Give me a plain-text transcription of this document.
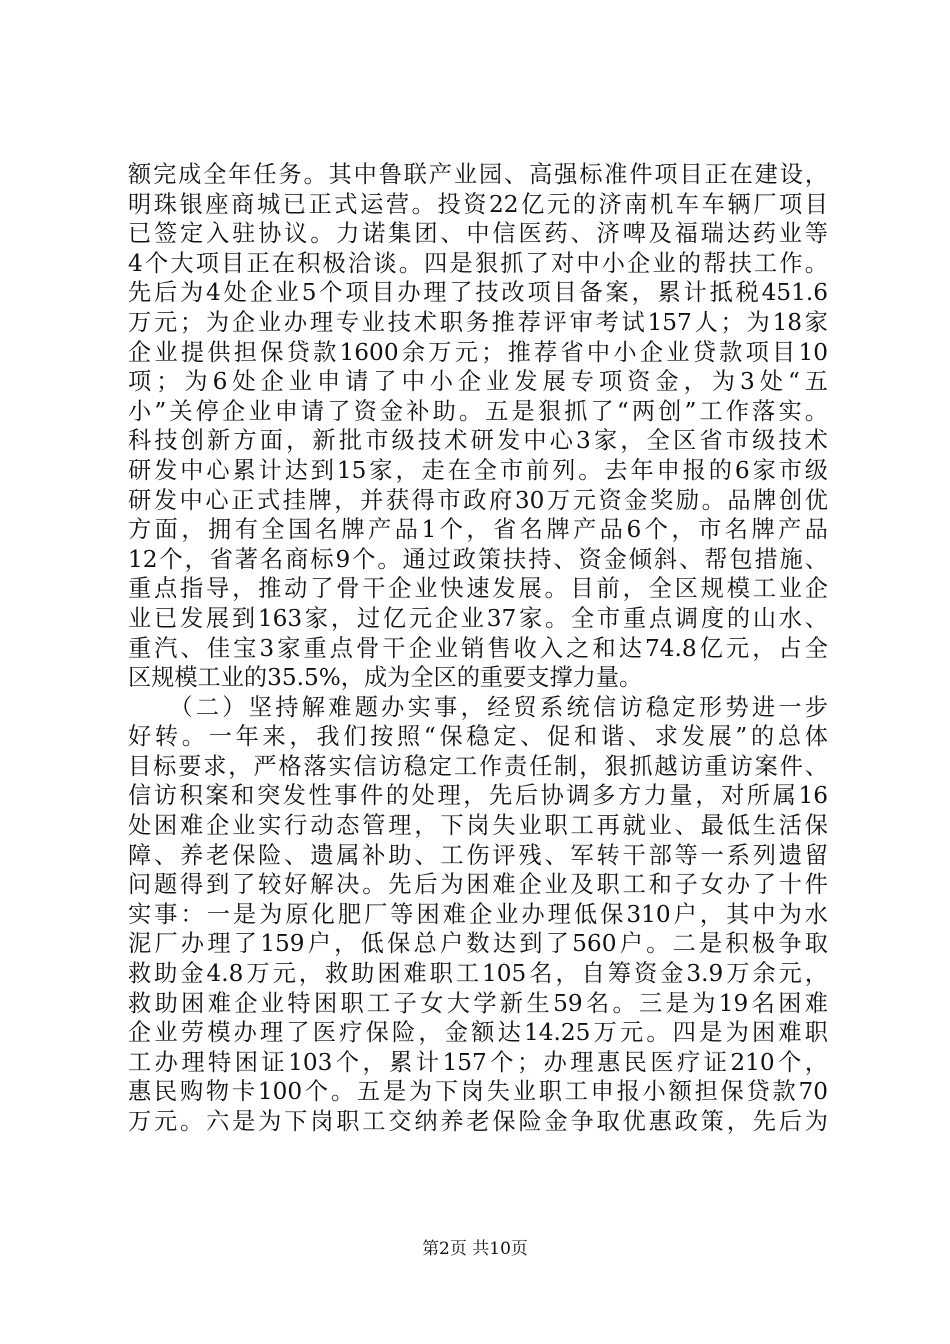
额完成全年任务。其中鲁联产业园、高强标准件项目正在建设，
明珠银座商城已正式运营。投资22亿元的济南机车车辆厂项目
已签定入驻协议。力诺集团、中信医药、济啤及福瑞达药业等
4个大项目正在积极洽谈。四是狠抓了对中小企业的帮扶工作。
先后为4处企业5个项目办理了技改项目备案，累计抵税451.6
万元；为企业办理专业技术职务推荐评审考试157人；为18家
企业提供担保贷款1600余万元；推荐省中小企业贷款项目10
项；为6处企业申请了中小企业发展专项资金，为3处“五
小”关停企业申请了资金补助。五是狠抓了“两创”工作落实。
科技创新方面，新批市级技术研发中心3家，全区省市级技术
研发中心累计达到15家，走在全市前列。去年申报的6家市级
研发中心正式挂牌，并获得市政府30万元资金奖励。品牌创优
方面，拥有全国名牌产品1个，省名牌产品6个，市名牌产品
12个，省著名商标9个。通过政策扶持、资金倾斜、帮包措施、
重点指导，推动了骨干企业快速发展。目前，全区规模工业企
业已发展到163家，过亿元企业37家。全市重点调度的山水、
重汽、佳宝3家重点骨干企业销售收入之和达74.8亿元，占全
区规模工业的35.5%，成为全区的重要支撑力量。
　　（二）坚持解难题办实事，经贸系统信访稳定形势进一步
好转。一年来，我们按照“保稳定、促和谐、求发展”的总体
目标要求，严格落实信访稳定工作责任制，狠抓越访重访案件、
信访积案和突发性事件的处理，先后协调多方力量，对所属16
处困难企业实行动态管理，下岗失业职工再就业、最低生活保
障、养老保险、遗属补助、工伤评残、军转干部等一系列遗留
问题得到了较好解决。先后为困难企业及职工和子女办了十件
实事：一是为原化肥厂等困难企业办理低保310户，其中为水
泥厂办理了159户，低保总户数达到了560户。二是积极争取
救助金4.8万元，救助困难职工105名，自筹资金3.9万余元，
救助困难企业特困职工子女大学新生59名。三是为19名困难
企业劳模办理了医疗保险，金额达14.25万元。四是为困难职
工办理特困证103个，累计157个；办理惠民医疗证210个，
惠民购物卡100个。五是为下岗失业职工申报小额担保贷款70
万元。六是为下岗职工交纳养老保险金争取优惠政策，先后为
第2页 共10页
